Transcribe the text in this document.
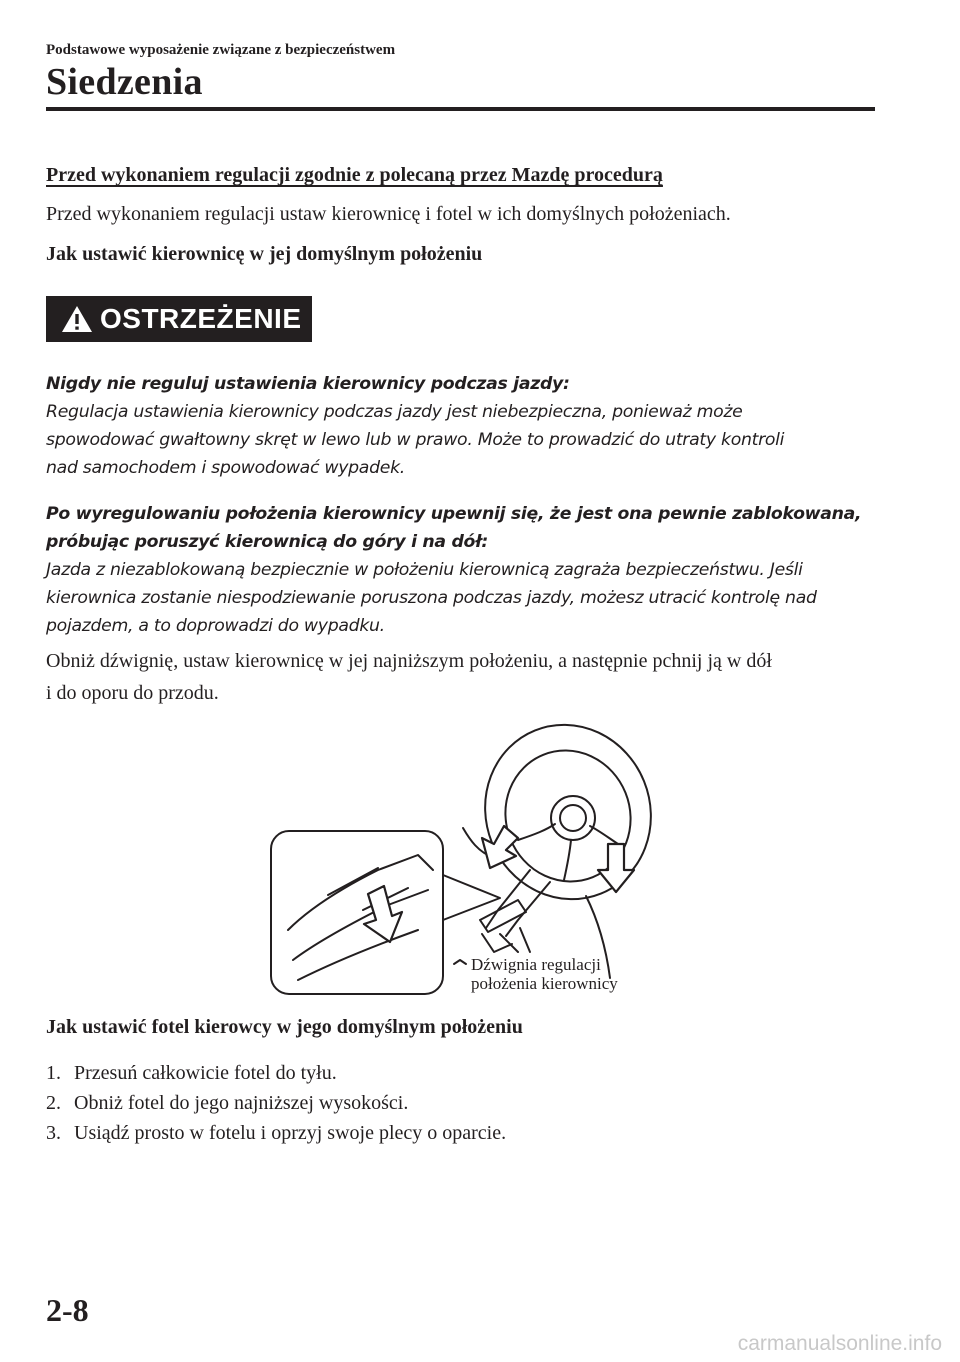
Podstawowe wyposażenie związane z bezpieczeństwem
Siedzenia
Przed wykonaniem regulacji zgodnie z polecaną przez Mazdę procedurą
Przed wykonaniem regulacji ustaw kierownicę i fotel w ich domyślnych położeniach.
Jak ustawić kierownicę w jej domyślnym położeniu
OSTRZEŻENIE
Nigdy nie reguluj ustawienia kierownicy podczas jazdy:
Regulacja ustawienia kierownicy podczas jazdy jest niebezpieczna, ponieważ może
spowodować gwałtowny skręt w lewo lub w prawo. Może to prowadzić do utraty kontroli
nad samochodem i spowodować wypadek.
Po wyregulowaniu położenia kierownicy upewnij się, że jest ona pewnie zablokowana,
próbując poruszyć kierownicą do góry i na dół:
Jazda z niezablokowaną bezpiecznie w położeniu kierownicą zagraża bezpieczeństwu. Jeśli
kierownica zostanie niespodziewanie poruszona podczas jazdy, możesz utracić kontrolę nad
pojazdem, a to doprowadzi do wypadku.
Obniż dźwignię, ustaw kierownicę w jej najniższym położeniu, a następnie pchnij ją w dół
i do oporu do przodu.
Dźwignia regulacji
położenia kierownicy
Jak ustawić fotel kierowcy w jego domyślnym położeniu
1. Przesuń całkowicie fotel do tyłu.
2. Obniż fotel do jego najniższej wysokości.
3. Usiądź prosto w fotelu i oprzyj swoje plecy o oparcie.
2-8
carmanualsonline.info
